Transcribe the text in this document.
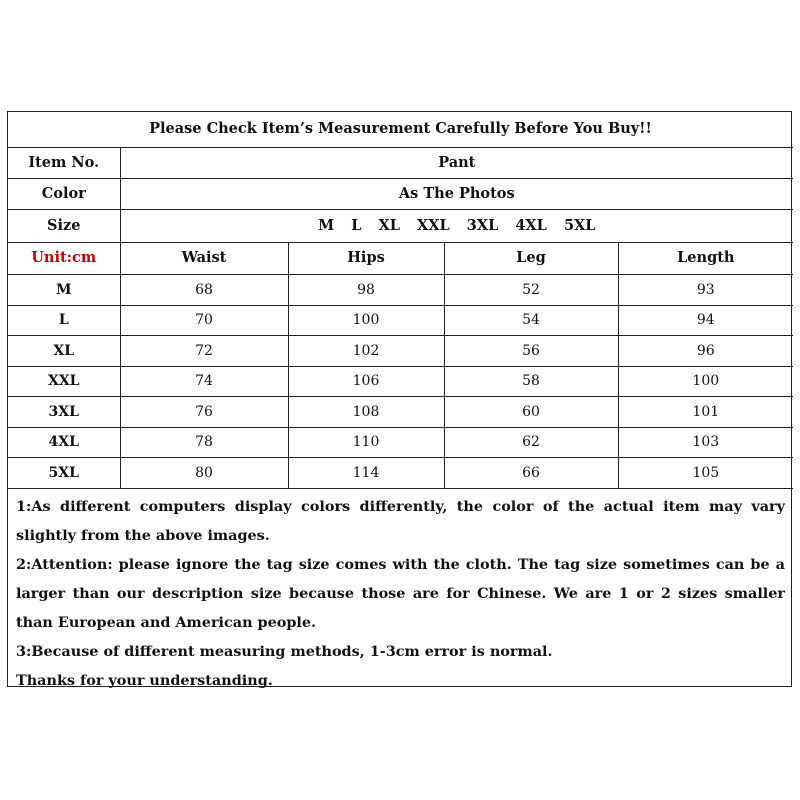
Please Check Item’s Measurement Carefully Before You Buy!!				
Item No.	Pant			
Color	As The Photos			
Size	M L XL XXL 3XL 4XL 5XL			
Unit:cm	Waist	Hips	Leg	Length
M	68	98	52	93
L	70	100	54	94
XL	72	102	56	96
XXL	74	106	58	100
3XL	76	108	60	101
4XL	78	110	62	103
5XL	80	114	66	105

1:As different computers display colors differently, the color of the actual item may vary slightly from the above images.

2:Attention: please ignore the tag size comes with the cloth. The tag size sometimes can be a larger than our description size because those are for Chinese. We are 1 or 2 sizes smaller than European and American people.

3:Because of different measuring methods, 1-3cm error is normal.

Thanks for your understanding.
